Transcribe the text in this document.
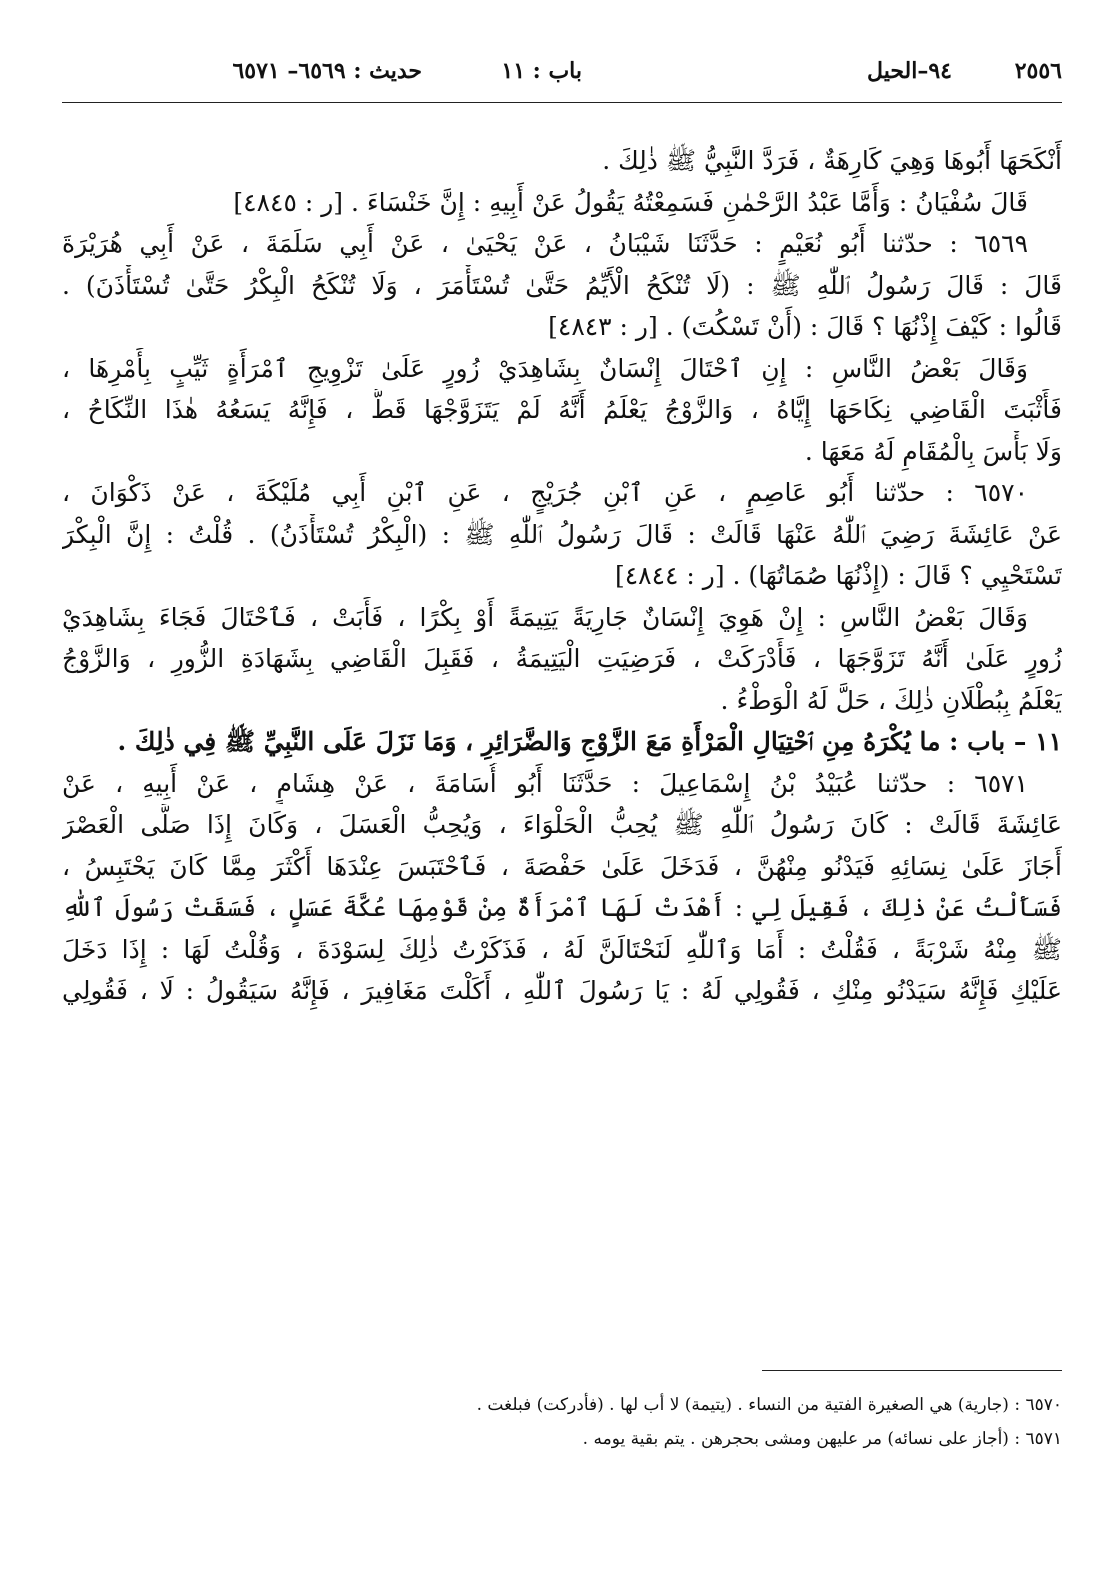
٢٥٥٦
٩٤–الحيل
باب : ١١
حديث : ٦٥٦٩– ٦٥٧١
أَنْكَحَهَا أَبُوهَا وَهِيَ كَارِهَةٌ ، فَرَدَّ النَّبِيُّ ﷺ ذٰلِكَ .
قَالَ سُفْيَانُ : وَأَمَّا عَبْدُ الرَّحْمٰنِ فَسَمِعْتُهُ يَقُولُ عَنْ أَبِيهِ : إِنَّ خَنْسَاءَ . [ر : ٤٨٤٥]
٦٥٦٩ : حدّثنا أَبُو نُعَيْمٍ : حَدَّثَنَا شَيْبَانُ ، عَنْ يَحْيَىٰ ، عَنْ أَبِي سَلَمَةَ ، عَنْ أَبِي هُرَيْرَةَ
قَالَ : قَالَ رَسُولُ ٱللّٰهِ ﷺ : (لَا تُنْكَحُ الْأَيِّمُ حَتَّىٰ تُسْتَأْمَرَ ، وَلَا تُنْكَحُ الْبِكْرُ حَتَّىٰ تُسْتَأْذَنَ) .
قَالُوا : كَيْفَ إِذْنُهَا ؟ قَالَ : (أَنْ تَسْكُتَ) . [ر : ٤٨٤٣]
وَقَالَ بَعْضُ النَّاسِ : إِنِ ٱحْتَالَ إِنْسَانٌ بِشَاهِدَيْ زُورٍ عَلَىٰ تَزْوِيجِ ٱمْرَأَةٍ ثَيِّبٍ بِأَمْرِهَا ،
فَأَثْبَتَ الْقَاضِي نِكَاحَهَا إِيَّاهُ ، وَالزَّوْجُ يَعْلَمُ أَنَّهُ لَمْ يَتَزَوَّجْهَا قَطُّ ، فَإِنَّهُ يَسَعُهُ هٰذَا النِّكَاحُ ،
وَلَا بَأْسَ بِالْمُقَامِ لَهُ مَعَهَا .
٦٥٧٠ : حدّثنا أَبُو عَاصِمٍ ، عَنِ ٱبْنِ جُرَيْجٍ ، عَنِ ٱبْنِ أَبِي مُلَيْكَةَ ، عَنْ ذَكْوَانَ ،
عَنْ عَائِشَةَ رَضِيَ ٱللّٰهُ عَنْهَا قَالَتْ : قَالَ رَسُولُ ٱللّٰهِ ﷺ : (الْبِكْرُ تُسْتَأْذَنُ) . قُلْتُ : إِنَّ الْبِكْرَ
تَسْتَحْيِي ؟ قَالَ : (إِذْنُهَا صُمَاتُهَا) . [ر : ٤٨٤٤]
وَقَالَ بَعْضُ النَّاسِ : إِنْ هَوِيَ إِنْسَانٌ جَارِيَةً يَتِيمَةً أَوْ بِكْرًا ، فَأَبَتْ ، فَٱحْتَالَ فَجَاءَ بِشَاهِدَيْ
زُورٍ عَلَىٰ أَنَّهُ تَزَوَّجَهَا ، فَأَدْرَكَتْ ، فَرَضِيَتِ الْيَتِيمَةُ ، فَقَبِلَ الْقَاضِي بِشَهَادَةِ الزُّورِ ، وَالزَّوْجُ
يَعْلَمُ بِبُطْلَانِ ذٰلِكَ ، حَلَّ لَهُ الْوَطْءُ .
١١ – باب : ما يُكْرَهُ مِنِ ٱحْتِيَالِ الْمَرْأَةِ مَعَ الزَّوْجِ وَالضَّرَائِرِ ، وَمَا نَزَلَ عَلَى النَّبِيِّ ﷺ فِي ذٰلِكَ .
٦٥٧١ : حدّثنا عُبَيْدُ بْنُ إِسْمَاعِيلَ : حَدَّثَنَا أَبُو أُسَامَةَ ، عَنْ هِشَامٍ ، عَنْ أَبِيهِ ، عَنْ
عَائِشَةَ قَالَتْ : كَانَ رَسُولُ ٱللّٰهِ ﷺ يُحِبُّ الْحَلْوَاءَ ، وَيُحِبُّ الْعَسَلَ ، وَكَانَ إِذَا صَلَّى الْعَصْرَ
أَجَازَ عَلَىٰ نِسَائِهِ فَيَدْنُو مِنْهُنَّ ، فَدَخَلَ عَلَىٰ حَفْصَةَ ، فَٱحْتَبَسَ عِنْدَهَا أَكْثَرَ مِمَّا كَانَ يَحْتَبِسُ ،
فَسَأَلْتُ عَنْ ذٰلِكَ ، فَقِيلَ لِي : أَهْدَتْ لَهَا ٱمْرَأَةٌ مِنْ قَوْمِهَا عُكَّةَ عَسَلٍ ، فَسَقَتْ رَسُولَ ٱللّٰهِ
ﷺ مِنْهُ شَرْبَةً ، فَقُلْتُ : أَمَا وَٱللّٰهِ لَنَحْتَالَنَّ لَهُ ، فَذَكَرْتُ ذٰلِكَ لِسَوْدَةَ ، وَقُلْتُ لَهَا : إِذَا دَخَلَ
عَلَيْكِ فَإِنَّهُ سَيَدْنُو مِنْكِ ، فَقُولِي لَهُ : يَا رَسُولَ ٱللّٰهِ ، أَكَلْتَ مَغَافِيرَ ، فَإِنَّهُ سَيَقُولُ : لَا ، فَقُولِي
٦٥٧٠ : (جارية) هي الصغيرة الفتية من النساء . (يتيمة) لا أب لها . (فأدركت) فبلغت .
٦٥٧١ : (أجاز على نسائه) مر عليهن ومشى بحجرهن . يتم بقية يومه .
